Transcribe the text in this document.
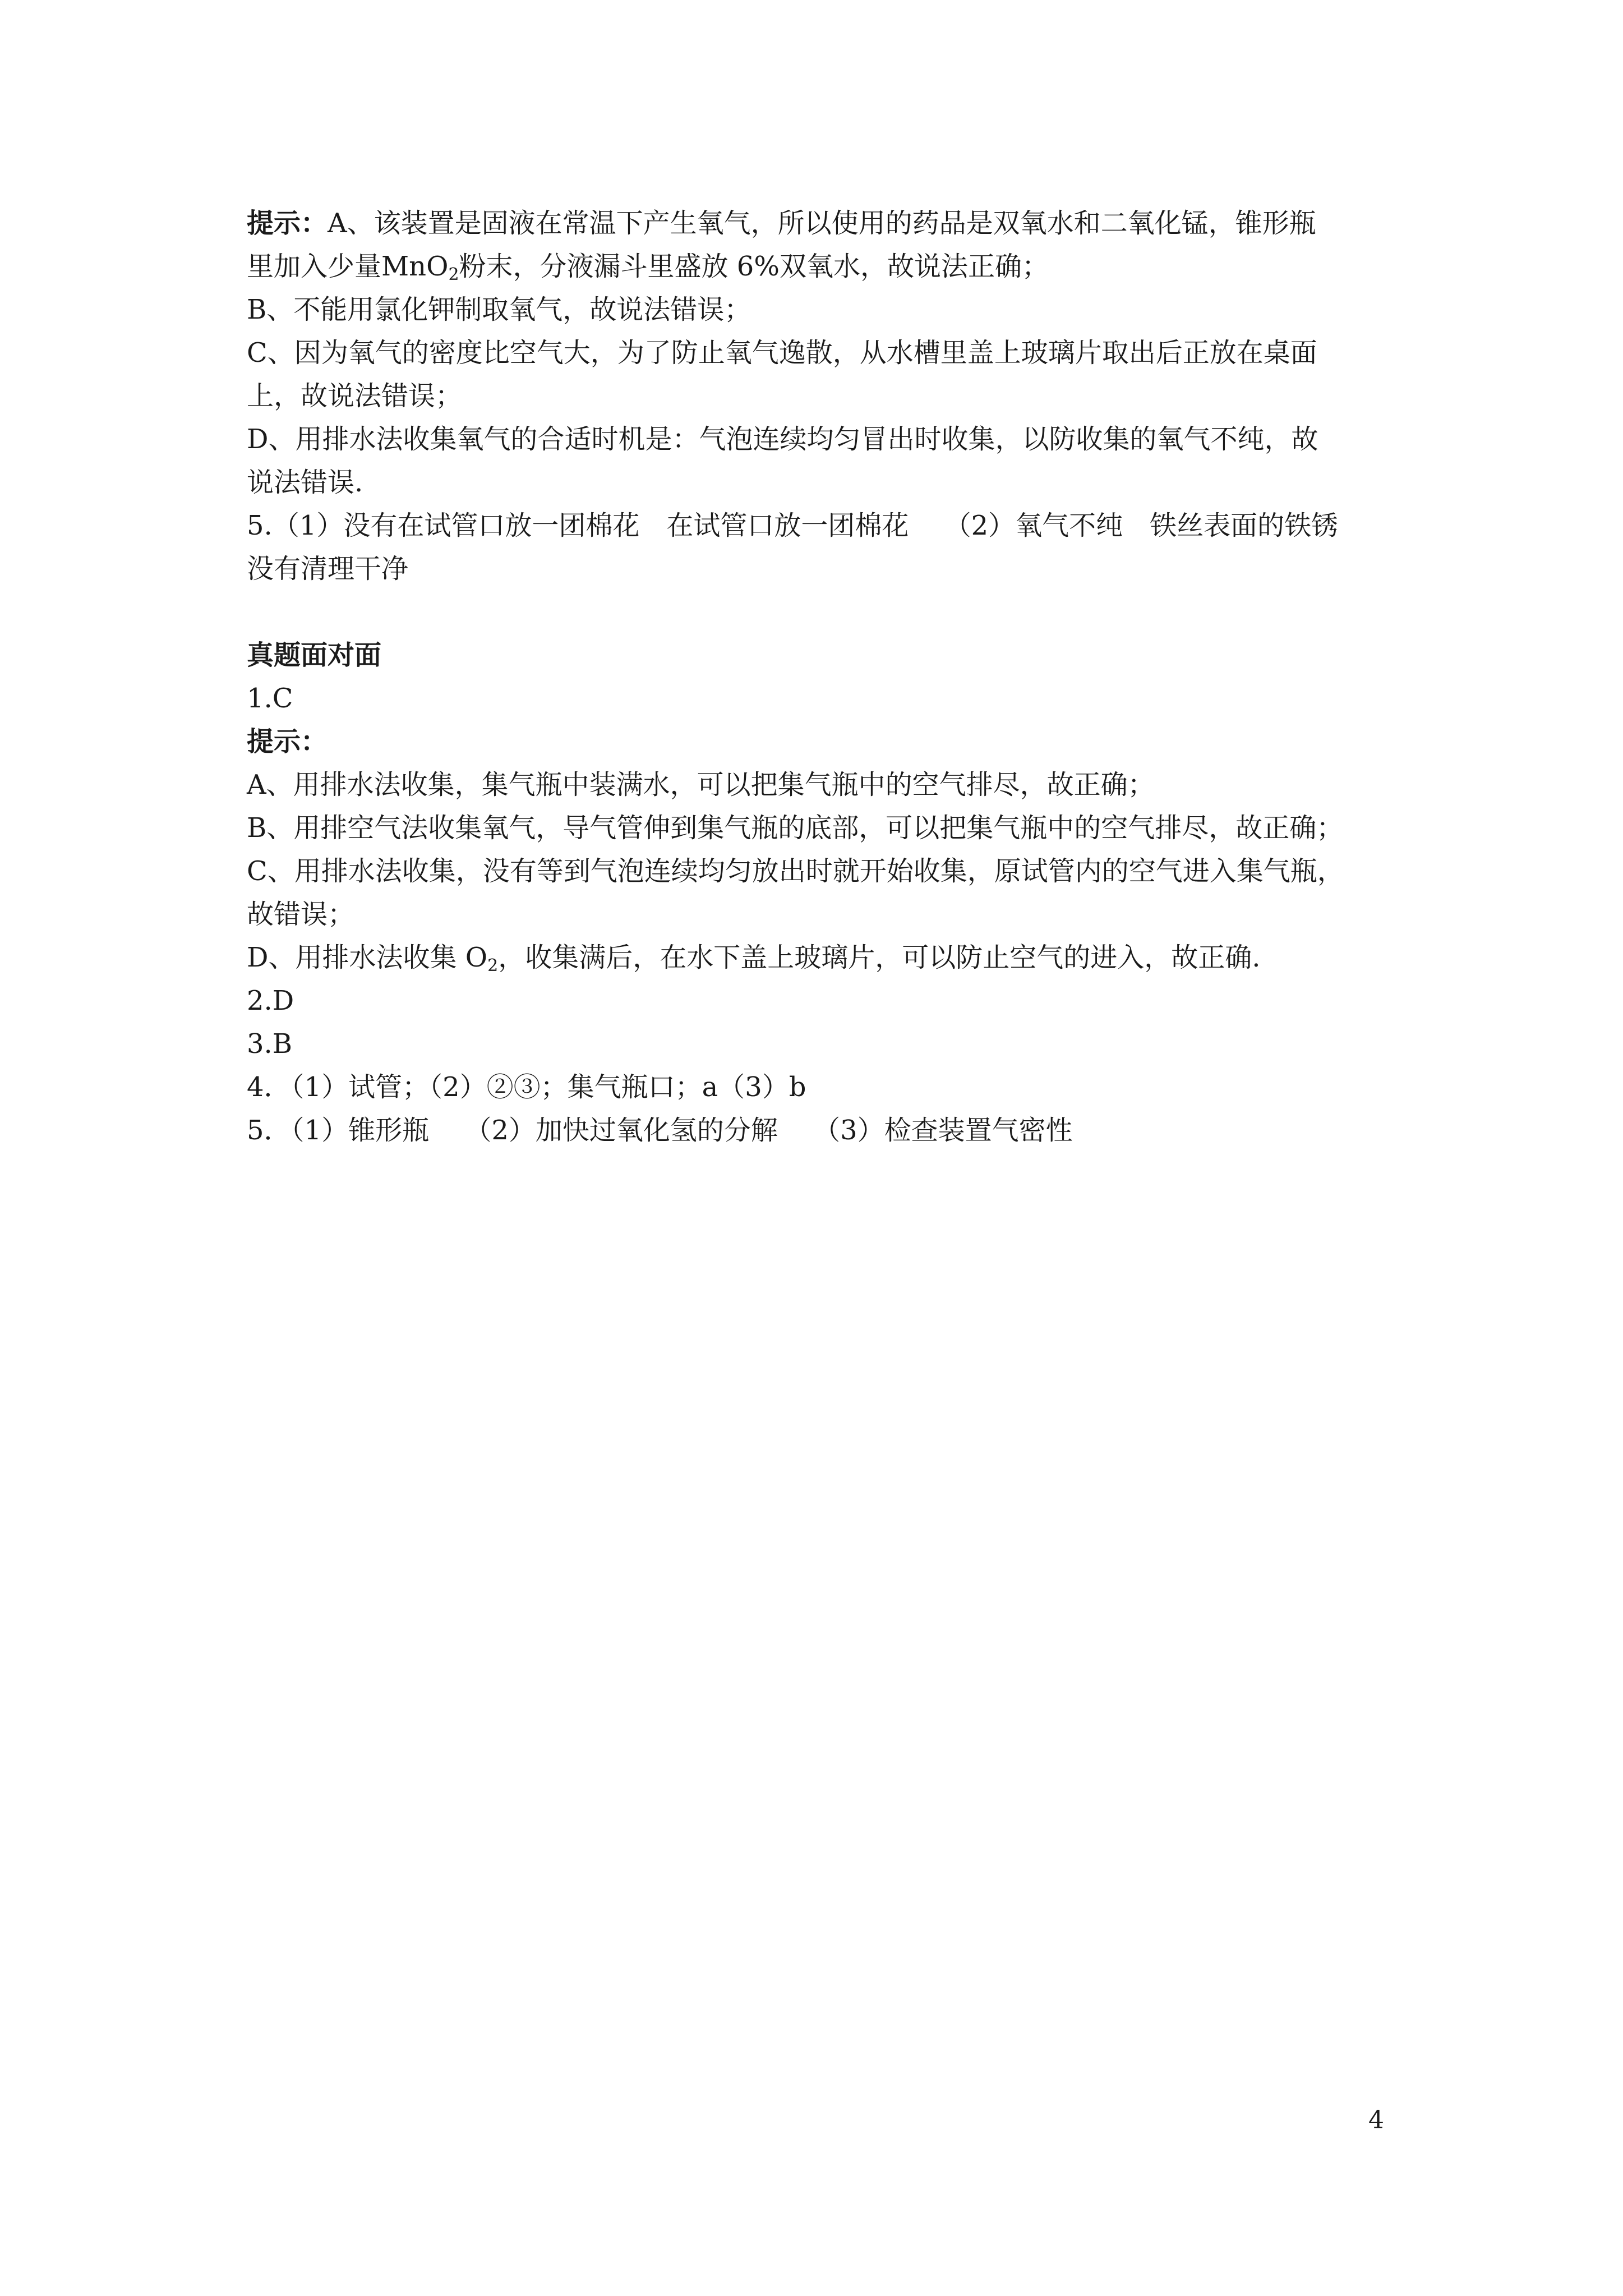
提示：A、该装置是固液在常温下产生氧气，所以使用的药品是双氧水和二氧化锰，锥形瓶
里加入少量MnO$_2$粉末，分液漏斗里盛放 6%双氧水，故说法正确；
B、不能用氯化钾制取氧气，故说法错误；
C、因为氧气的密度比空气大，为了防止氧气逸散，从水槽里盖上玻璃片取出后正放在桌面
上，故说法错误；
D、用排水法收集氧气的合适时机是：气泡连续均匀冒出时收集，以防收集的氧气不纯，故
说法错误.
5.（1）没有在试管口放一团棉花　在试管口放一团棉花　 （2）氧气不纯　铁丝表面的铁锈
没有清理干净
真题面对面
1.C
提示：
A、用排水法收集，集气瓶中装满水，可以把集气瓶中的空气排尽，故正确；
B、用排空气法收集氧气，导气管伸到集气瓶的底部，可以把集气瓶中的空气排尽，故正确；
C、用排水法收集，没有等到气泡连续均匀放出时就开始收集，原试管内的空气进入集气瓶，
故错误；
D、用排水法收集 $O_2$，收集满后，在水下盖上玻璃片，可以防止空气的进入，故正确.
2.D
3.B
4．（1）试管；（2）②③；集气瓶口；a（3）b
5．（1）锥形瓶　 （2）加快过氧化氢的分解　 （3）检查装置气密性
4
